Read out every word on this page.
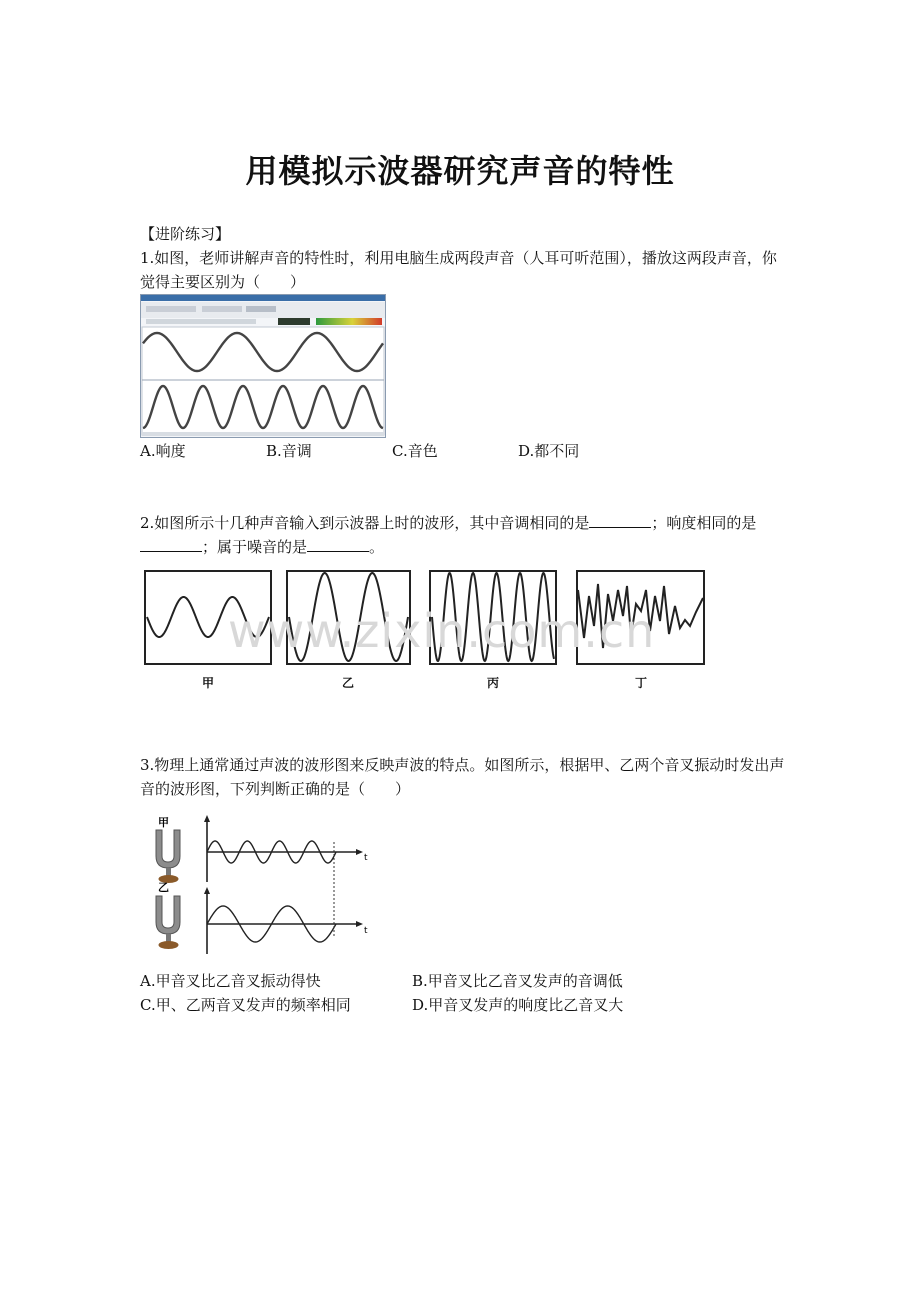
用模拟示波器研究声音的特性
【进阶练习】
1.如图，老师讲解声音的特性时，利用电脑生成两段声音（人耳可听范围），播放这两段声音，你觉得主要区别为（　　）
A.响度	B.音调	C.音色	D.都不同
2.如图所示十几种声音输入到示波器上时的波形，其中音调相同的是	；响度相同的是；属于噪音的是	。
www.zixin.com.cn
甲	乙	丙	丁
3.物理上通常通过声波的波形图来反映声波的特点。如图所示，根据甲、乙两个音叉振动时发出声音的波形图，下列判断正确的是（　　）
甲
乙
t
t
A.甲音叉比乙音叉振动得快	B.甲音叉比乙音叉发声的音调低
C.甲、乙两音叉发声的频率相同	D.甲音叉发声的响度比乙音叉大
